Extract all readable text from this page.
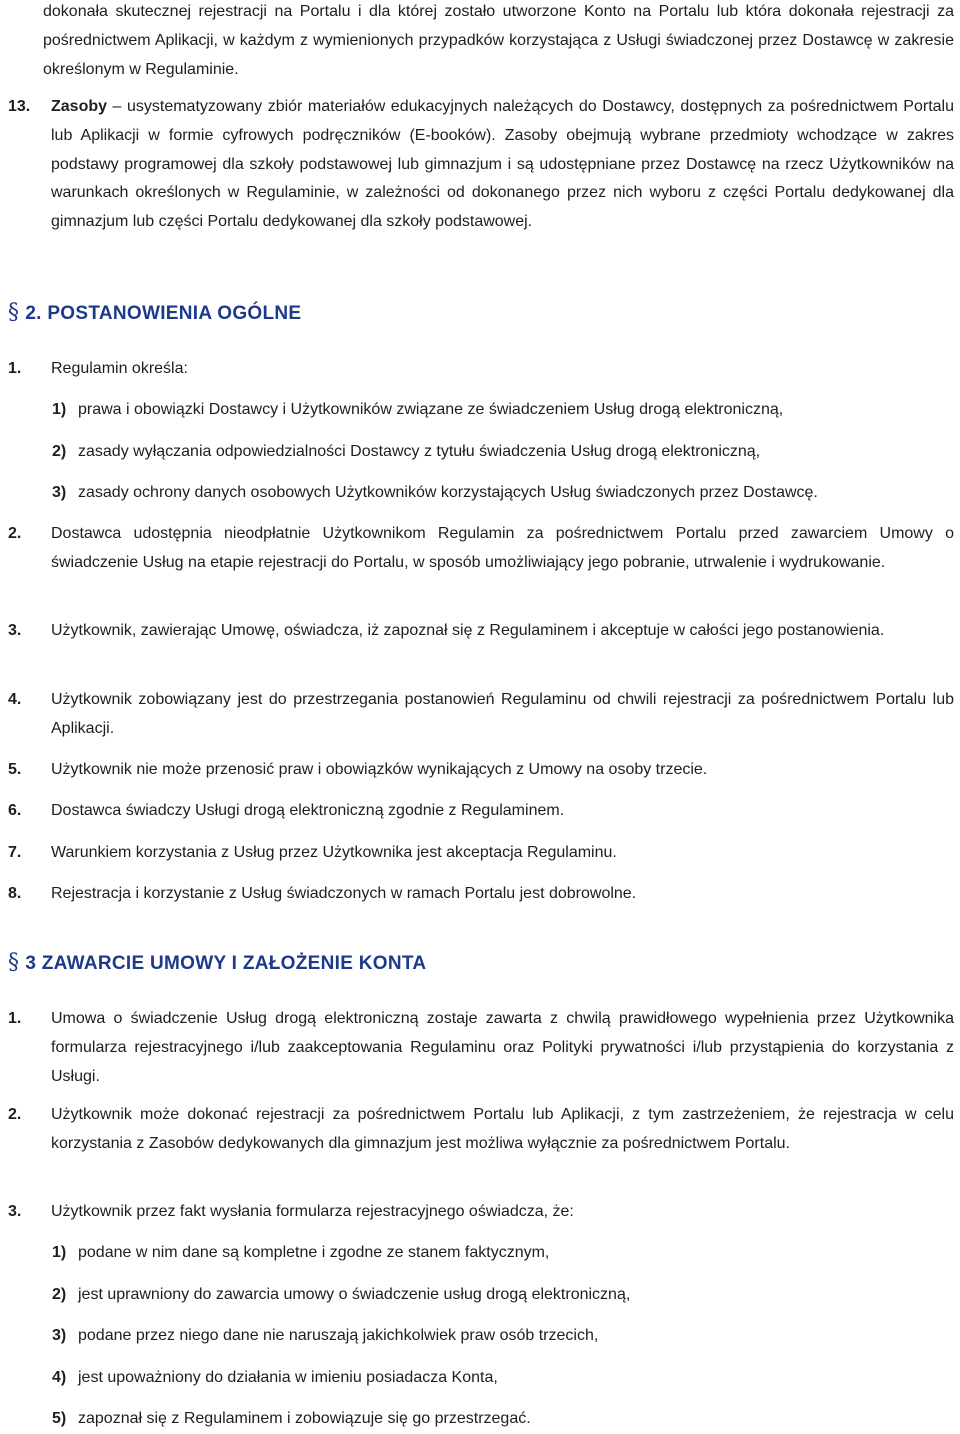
dokonała skutecznej rejestracji na Portalu i dla której zostało utworzone Konto na Portalu lub która dokonała rejestracji za pośrednictwem Aplikacji, w każdym z wymienionych przypadków korzystająca z Usługi świadczonej przez Dostawcę w zakresie określonym w Regulaminie.
13. Zasoby – usystematyzowany zbiór materiałów edukacyjnych należących do Dostawcy, dostępnych za pośrednictwem Portalu lub Aplikacji w formie cyfrowych podręczników (E-booków). Zasoby obejmują wybrane przedmioty wchodzące w zakres podstawy programowej dla szkoły podstawowej lub gimnazjum i są udostępniane przez Dostawcę na rzecz Użytkowników na warunkach określonych w Regulaminie, w zależności od dokonanego przez nich wyboru z części Portalu dedykowanej dla gimnazjum lub części Portalu dedykowanej dla szkoły podstawowej.
§ 2. POSTANOWIENIA OGÓLNE
1. Regulamin określa:
1) prawa i obowiązki Dostawcy i Użytkowników związane ze świadczeniem Usług drogą elektroniczną,
2) zasady wyłączania odpowiedzialności Dostawcy z tytułu świadczenia Usług drogą elektroniczną,
3) zasady ochrony danych osobowych Użytkowników korzystających Usług świadczonych przez Dostawcę.
2. Dostawca udostępnia nieodpłatnie Użytkownikom Regulamin za pośrednictwem Portalu przed zawarciem Umowy o świadczenie Usług na etapie rejestracji do Portalu, w sposób umożliwiający jego pobranie, utrwalenie i wydrukowanie.
3. Użytkownik, zawierając Umowę, oświadcza, iż zapoznał się z Regulaminem i akceptuje w całości jego postanowienia.
4. Użytkownik zobowiązany jest do przestrzegania postanowień Regulaminu od chwili rejestracji za pośrednictwem Portalu lub Aplikacji.
5. Użytkownik nie może przenosić praw i obowiązków wynikających z Umowy na osoby trzecie.
6. Dostawca świadczy Usługi drogą elektroniczną zgodnie z Regulaminem.
7. Warunkiem korzystania z Usług przez Użytkownika jest akceptacja Regulaminu.
8. Rejestracja i korzystanie z Usług świadczonych w ramach Portalu jest dobrowolne.
§ 3 ZAWARCIE UMOWY I ZAŁOŻENIE KONTA
1. Umowa o świadczenie Usług drogą elektroniczną zostaje zawarta z chwilą prawidłowego wypełnienia przez Użytkownika formularza rejestracyjnego i/lub zaakceptowania Regulaminu oraz Polityki prywatności i/lub przystąpienia do korzystania z Usługi.
2. Użytkownik może dokonać rejestracji za pośrednictwem Portalu lub Aplikacji, z tym zastrzeżeniem, że rejestracja w celu korzystania z Zasobów dedykowanych dla gimnazjum jest możliwa wyłącznie za pośrednictwem Portalu.
3. Użytkownik przez fakt wysłania formularza rejestracyjnego oświadcza, że:
1) podane w nim dane są kompletne i zgodne ze stanem faktycznym,
2) jest uprawniony do zawarcia umowy o świadczenie usług drogą elektroniczną,
3) podane przez niego dane nie naruszają jakichkolwiek praw osób trzecich,
4) jest upoważniony do działania w imieniu posiadacza Konta,
5) zapoznał się z Regulaminem i zobowiązuje się go przestrzegać.
